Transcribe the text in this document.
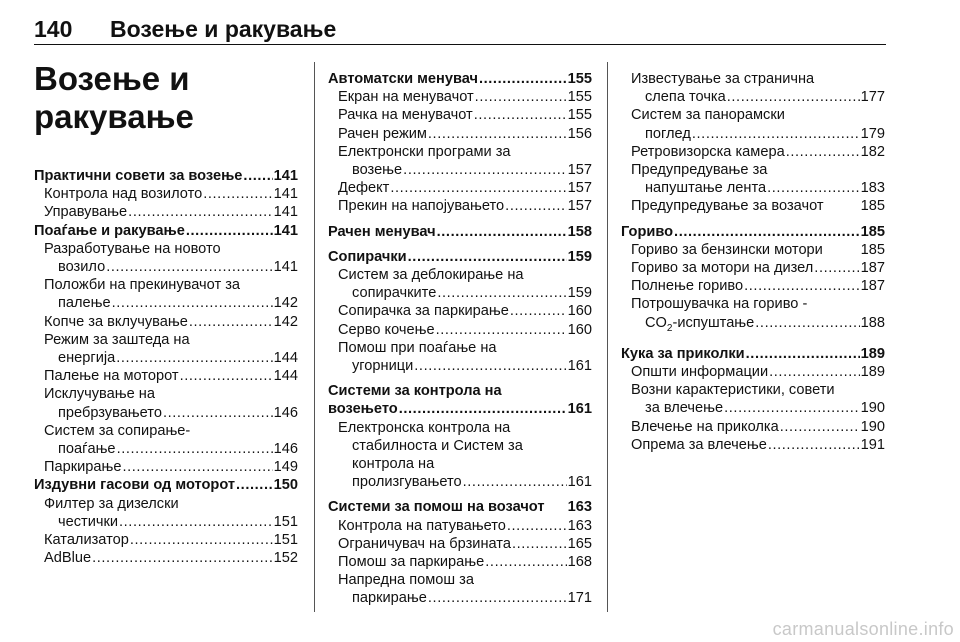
140 Возење и ракување
Возење и
ракување
Практични совети за возење ..... 141
Контрола над возилото .....	141
Управување .....	141
Поаѓање и ракување .....	141
Разработување на новото
возило .....	141
Положби на прекинувачот за
палење .....	142
Копче за вклучување .....	142
Режим за заштеда на
енергија .....	144
Палење на моторот .....	144
Исклучување на
пребрзувањето .....	146
Систем за сопирање-
поаѓање .....	146
Паркирање .....	149
Издувни гасови од моторот .....	150
Филтер за дизелски
честички .....	151
Катализатор .....	151
AdBlue .....	152
Автоматски менувач .....	155
Екран на менувачот .....	155
Рачка на менувачот .....	155
Рачен режим .....	156
Електронски програми за
возење .....	157
Дефект .....	157
Прекин на напојувањето .....	157
Рачен менувач .....	158
Сопирачки .....	159
Систем за деблокирање на
сопирачките .....	159
Сопирачка за паркирање .....	160
Серво кочење .....	160
Помош при поаѓање на
угорници .....	161
Системи за контрола на
возењето .....	161
Електронска контрола на
стабилноста и Систем за
контрола на
пролизгувањето .....	161
Системи за помош на возачот 163
Контрола на патувањето .....	163
Ограничувач на брзината .....	165
Помош за паркирање .....	168
Напредна помош за
паркирање .....	171
Известување за странична
слепа точка .....	177
Систем за панорамски
поглед .....	179
Ретровизорска камера .....	182
Предупредување за
напуштање лента .....	183
Предупредување за возачот	185
Гориво .....	185
Гориво за бензински мотори	185
Гориво за мотори на дизел .....	187
Полнење гориво .....	187
Потрошувачка на гориво -
$CO_2$-испуштање .....	188
Кука за приколки .....	189
Општи информации .....	189
Возни карактеристики, совети
за влечење .....	190
Влечење на приколка .....	190
Опрема за влечење .....	191
carmanualsonline.info
